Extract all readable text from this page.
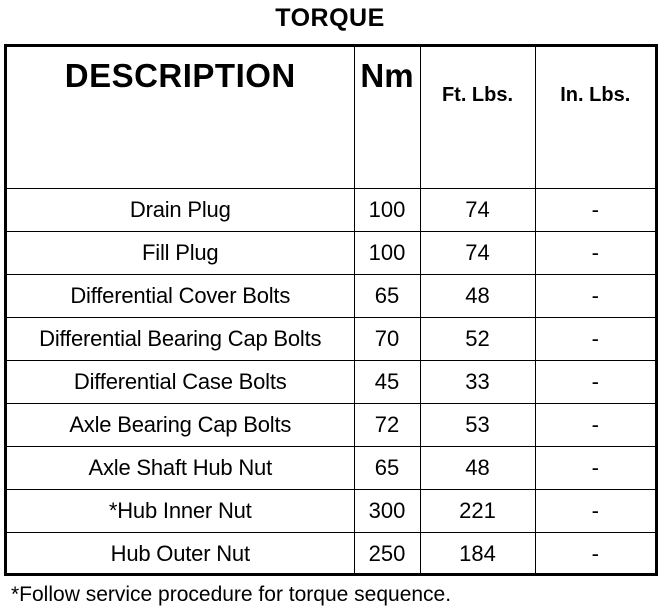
TORQUE
DESCRIPTION	Nm	Ft. Lbs.	In. Lbs.
Drain Plug	100	74	-
Fill Plug	100	74	-
Differential Cover Bolts	65	48	-
Differential Bearing Cap Bolts	70	52	-
Differential Case Bolts	45	33	-
Axle Bearing Cap Bolts	72	53	-
Axle Shaft Hub Nut	65	48	-
*Hub Inner Nut	300	221	-
Hub Outer Nut	250	184	-
*Follow service procedure for torque sequence.			
